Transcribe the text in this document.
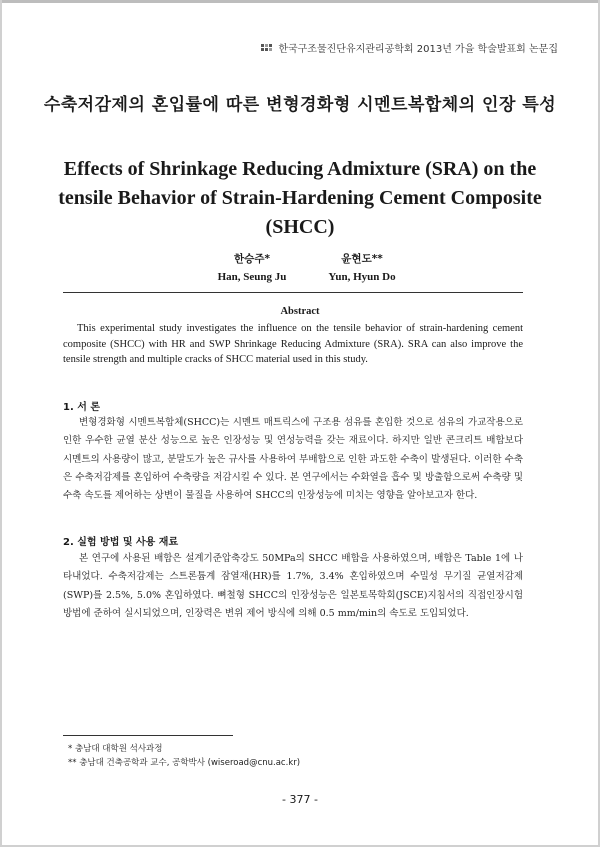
한국구조물진단유지관리공학회 2013년 가을 학술발표회 논문집
수축저감제의 혼입률에 따른 변형경화형 시멘트복합체의 인장 특성
Effects of Shrinkage Reducing Admixture (SRA) on the tensile Behavior of Strain-Hardening Cement Composite (SHCC)
한승주*
Han, Seung Ju
윤현도**
Yun, Hyun Do
Abstract
This experimental study investigates the influence on the tensile behavior of strain-hardening cement composite (SHCC) with HR and SWP Shrinkage Reducing Admixture (SRA). SRA can also improve the tensile strength and multiple cracks of SHCC material used in this study.
1. 서 론
변형경화형 시멘트복합체(SHCC)는 시멘트 매트릭스에 구조용 섬유를 혼입한 것으로 섬유의 가교작용으로 인한 우수한 균열 분산 성능으로 높은 인장성능 및 연성능력을 갖는 재료이다. 하지만 일반 콘크리트 배합보다 시멘트의 사용량이 많고, 분말도가 높은 규사를 사용하여 부배합으로 인한 과도한 수축이 발생된다. 이러한 수축은 수축저감제를 혼입하여 수축량을 저감시킬 수 있다. 본 연구에서는 수화열을 흡수 및 방출함으로써 수축량 및 수축 속도를 제어하는 상변이 물질을 사용하여 SHCC의 인장성능에 미치는 영향을 알아보고자 한다.
2. 실험 방법 및 사용 재료
본 연구에 사용된 배합은 설계기준압축강도 50MPa의 SHCC 배합을 사용하였으며, 배합은 Table 1에 나타내었다. 수축저감제는 스트론튬계 잠열재(HR)를 1.7%, 3.4% 혼입하였으며 수밀성 무기질 균열저감제(SWP)를 2.5%, 5.0% 혼입하였다. 뼈철형 SHCC의 인장성능은 일본토목학회(JSCE)지침서의 직접인장시험방법에 준하여 실시되었으며, 인장력은 변위 제어 방식에 의해 0.5 mm/min의 속도로 도입되었다.
* 충남대 대학원 석사과정
** 충남대 건축공학과 교수, 공학박사 (wiseroad@cnu.ac.kr)
- 377 -
